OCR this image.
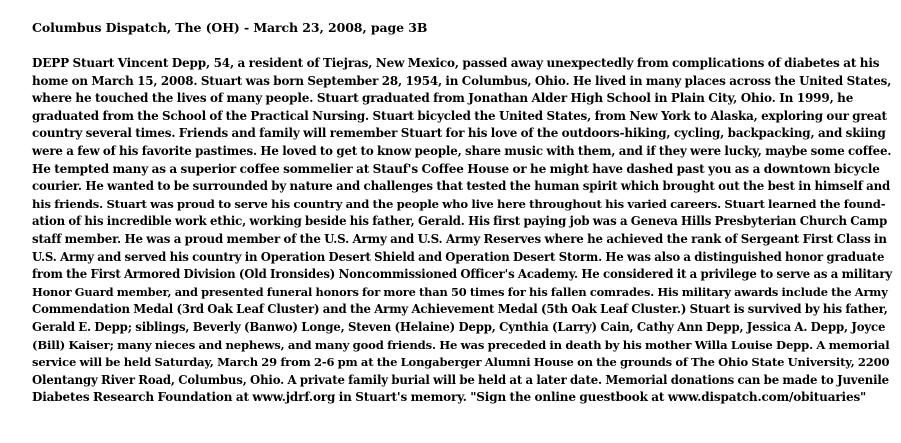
Columbus Dispatch, The (OH) - March 23, 2008, page 3B
DEPP Stuart Vincent Depp, 54, a resident of Tiejras, New Mexico, passed away unexpectedly from complications of diabetes at his
home on March 15, 2008. Stuart was born September 28, 1954, in Columbus, Ohio. He lived in many places across the United States,
where he touched the lives of many people. Stuart graduated from Jonathan Alder High School in Plain City, Ohio. In 1999, he
graduated from the School of the Practical Nursing. Stuart bicycled the United States, from New York to Alaska, exploring our great
country several times. Friends and family will remember Stuart for his love of the outdoors-hiking, cycling, backpacking, and skiing
were a few of his favorite pastimes. He loved to get to know people, share music with them, and if they were lucky, maybe some coffee.
He tempted many as a superior coffee sommelier at Stauf's Coffee House or he might have dashed past you as a downtown bicycle
courier. He wanted to be surrounded by nature and challenges that tested the human spirit which brought out the best in himself and
his friends. Stuart was proud to serve his country and the people who live here throughout his varied careers. Stuart learned the found-
ation of his incredible work ethic, working beside his father, Gerald. His first paying job was a Geneva Hills Presbyterian Church Camp
staff member. He was a proud member of the U.S. Army and U.S. Army Reserves where he achieved the rank of Sergeant First Class in
U.S. Army and served his country in Operation Desert Shield and Operation Desert Storm. He was also a distinguished honor graduate
from the First Armored Division (Old Ironsides) Noncommissioned Officer's Academy. He considered it a privilege to serve as a military
Honor Guard member, and presented funeral honors for more than 50 times for his fallen comrades. His military awards include the Army
Commendation Medal (3rd Oak Leaf Cluster) and the Army Achievement Medal (5th Oak Leaf Cluster.) Stuart is survived by his father,
Gerald E. Depp; siblings, Beverly (Banwo) Longe, Steven (Helaine) Depp, Cynthia (Larry) Cain, Cathy Ann Depp, Jessica A. Depp, Joyce
(Bill) Kaiser; many nieces and nephews, and many good friends. He was preceded in death by his mother Willa Louise Depp. A memorial
service will be held Saturday, March 29 from 2-6 pm at the Longaberger Alumni House on the grounds of The Ohio State University, 2200
Olentangy River Road, Columbus, Ohio. A private family burial will be held at a later date. Memorial donations can be made to Juvenile
Diabetes Research Foundation at www.jdrf.org in Stuart's memory. "Sign the online guestbook at www.dispatch.com/obituaries"
